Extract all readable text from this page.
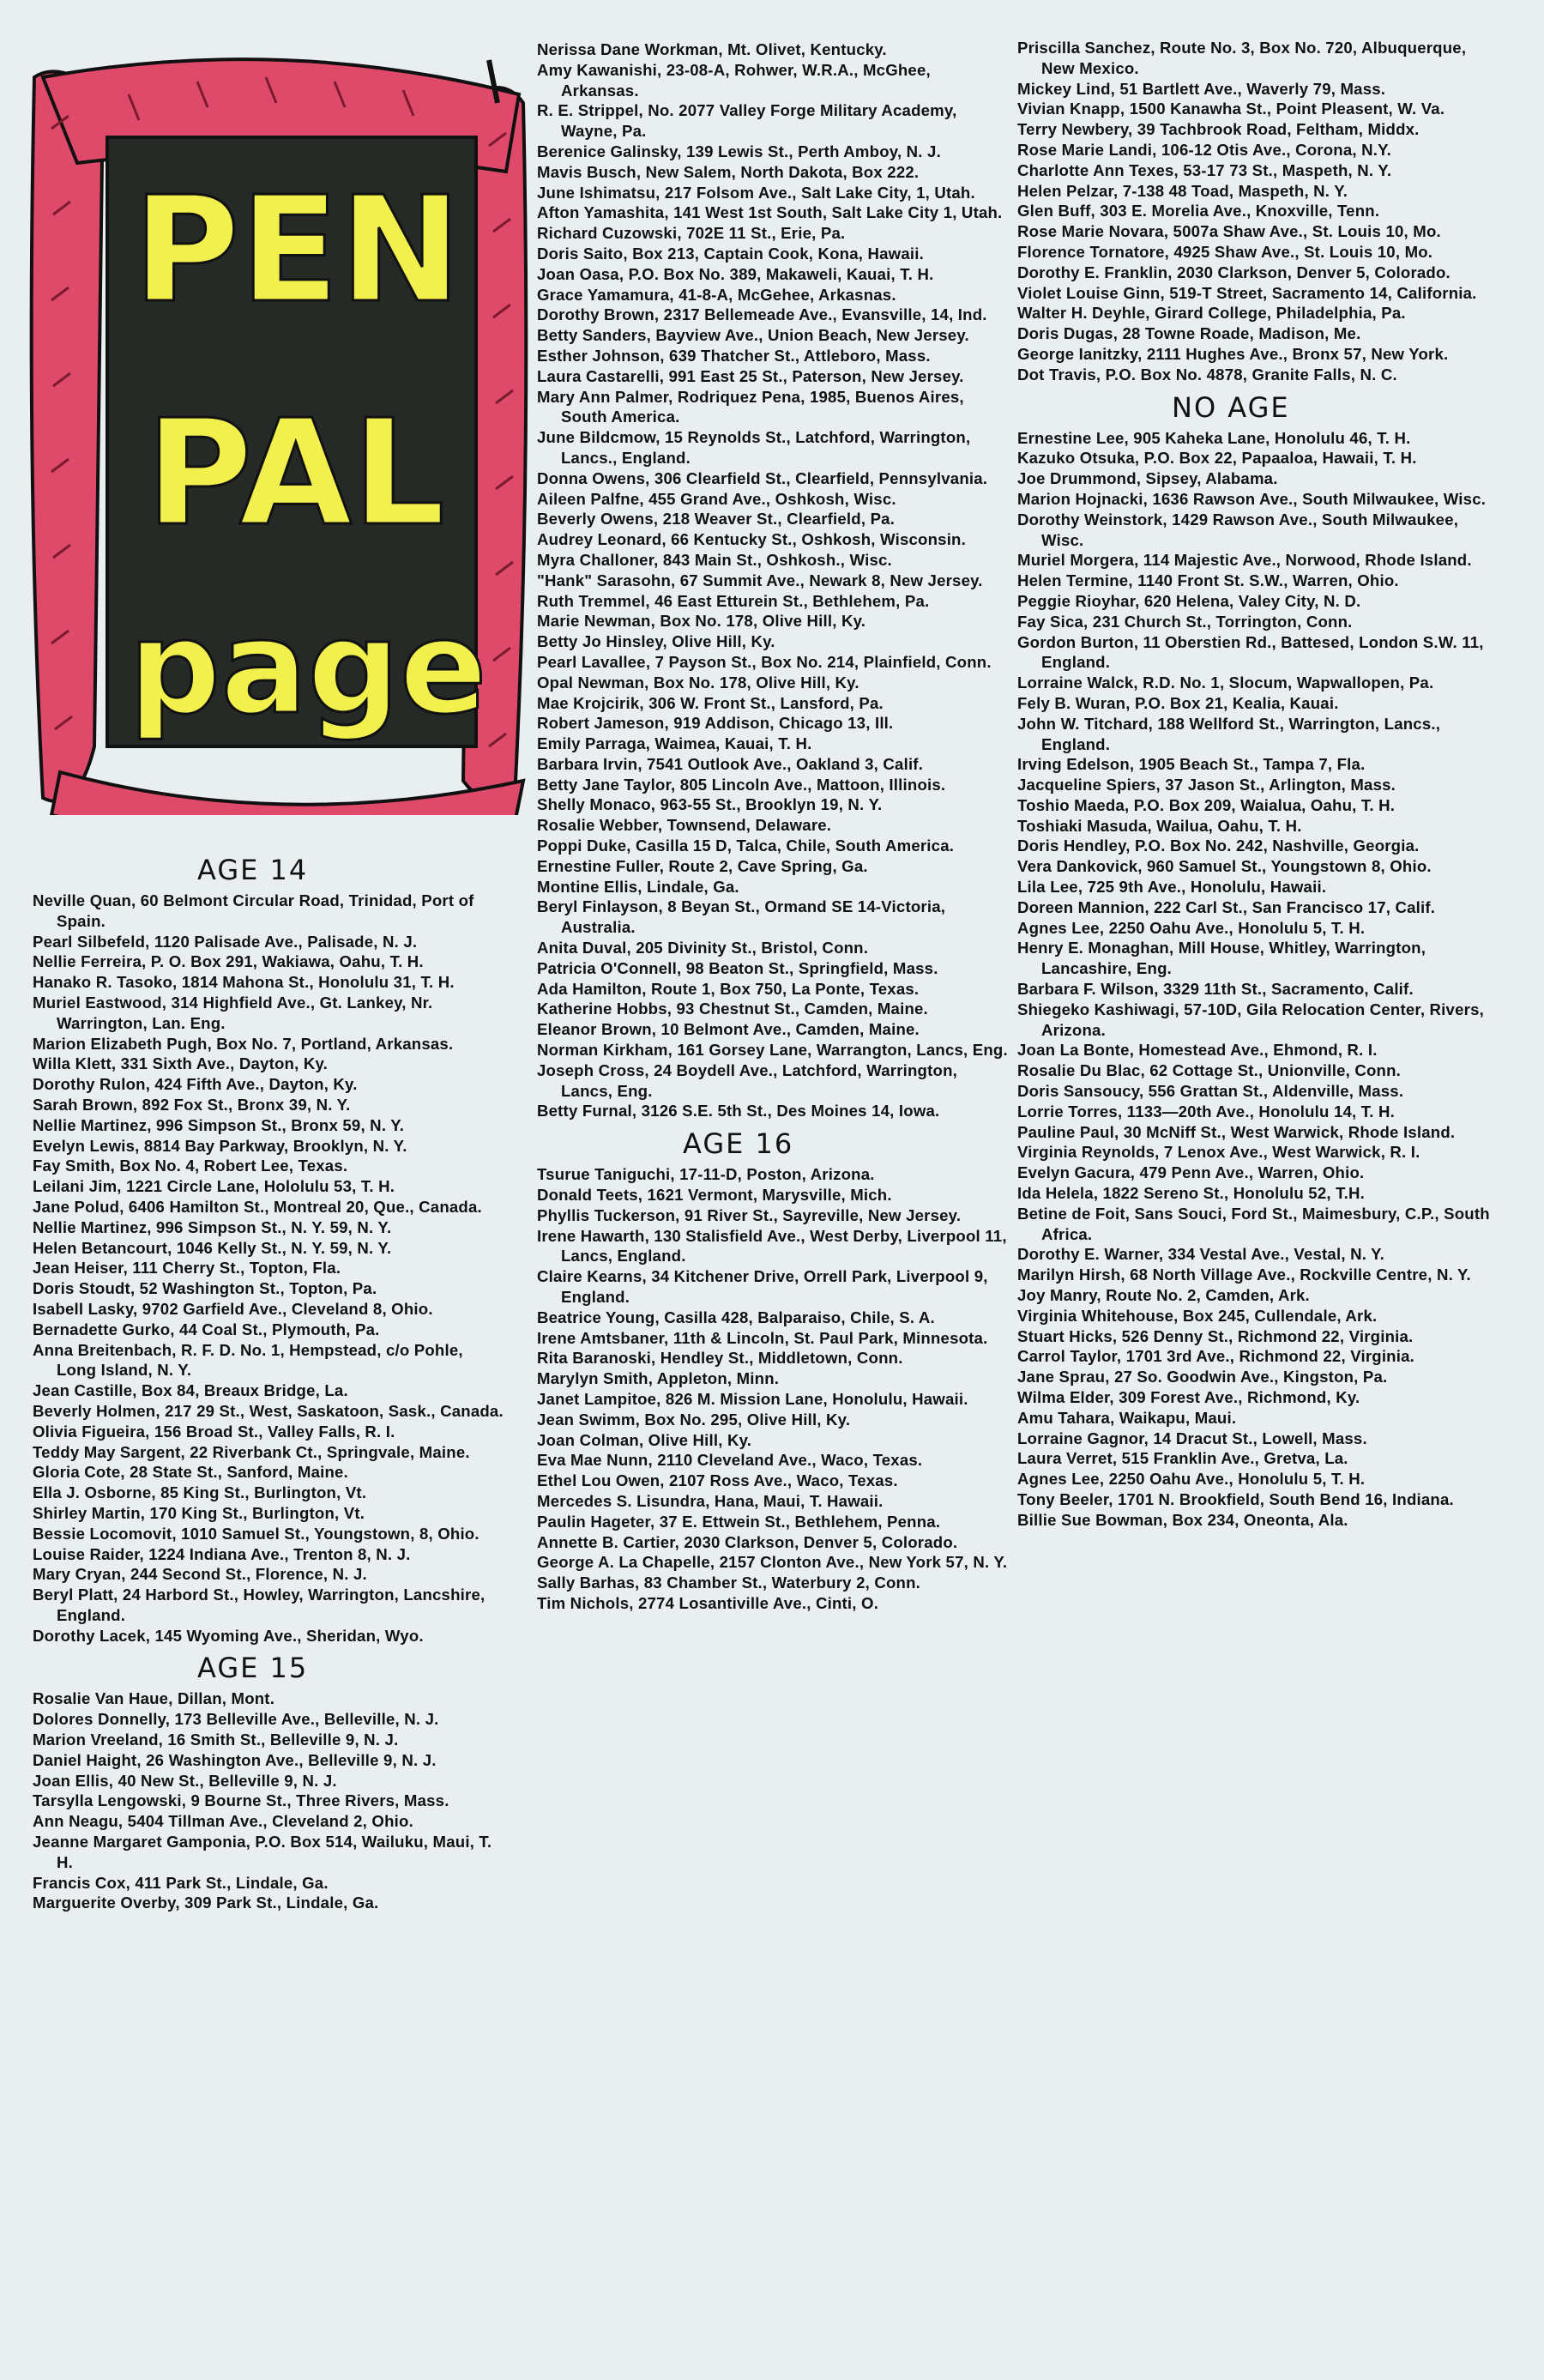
PEN
PAL
page
AGE 14
Neville Quan, 60 Belmont Circular Road, Trinidad, Port of Spain.
Pearl Silbefeld, 1120 Palisade Ave., Palisade, N. J.
Nellie Ferreira, P. O. Box 291, Wakiawa, Oahu, T. H.
Hanako R. Tasoko, 1814 Mahona St., Honolulu 31, T. H.
Muriel Eastwood, 314 Highfield Ave., Gt. Lankey, Nr. Warrington, Lan. Eng.
Marion Elizabeth Pugh, Box No. 7, Portland, Arkansas.
Willa Klett, 331 Sixth Ave., Dayton, Ky.
Dorothy Rulon, 424 Fifth Ave., Dayton, Ky.
Sarah Brown, 892 Fox St., Bronx 39, N. Y.
Nellie Martinez, 996 Simpson St., Bronx 59, N. Y.
Evelyn Lewis, 8814 Bay Parkway, Brooklyn, N. Y.
Fay Smith, Box No. 4, Robert Lee, Texas.
Leilani Jim, 1221 Circle Lane, Hololulu 53, T. H.
Jane Polud, 6406 Hamilton St., Montreal 20, Que., Canada.
Nellie Martinez, 996 Simpson St., N. Y. 59, N. Y.
Helen Betancourt, 1046 Kelly St., N. Y. 59, N. Y.
Jean Heiser, 111 Cherry St., Topton, Fla.
Doris Stoudt, 52 Washington St., Topton, Pa.
Isabell Lasky, 9702 Garfield Ave., Cleveland 8, Ohio.
Bernadette Gurko, 44 Coal St., Plymouth, Pa.
Anna Breitenbach, R. F. D. No. 1, Hempstead, c/o Pohle, Long Island, N. Y.
Jean Castille, Box 84, Breaux Bridge, La.
Beverly Holmen, 217 29 St., West, Saskatoon, Sask., Canada.
Olivia Figueira, 156 Broad St., Valley Falls, R. I.
Teddy May Sargent, 22 Riverbank Ct., Springvale, Maine.
Gloria Cote, 28 State St., Sanford, Maine.
Ella J. Osborne, 85 King St., Burlington, Vt.
Shirley Martin, 170 King St., Burlington, Vt.
Bessie Locomovit, 1010 Samuel St., Youngstown, 8, Ohio.
Louise Raider, 1224 Indiana Ave., Trenton 8, N. J.
Mary Cryan, 244 Second St., Florence, N. J.
Beryl Platt, 24 Harbord St., Howley, Warrington, Lancshire, England.
Dorothy Lacek, 145 Wyoming Ave., Sheridan, Wyo.
AGE 15
Rosalie Van Haue, Dillan, Mont.
Dolores Donnelly, 173 Belleville Ave., Belleville, N. J.
Marion Vreeland, 16 Smith St., Belleville 9, N. J.
Daniel Haight, 26 Washington Ave., Belleville 9, N. J.
Joan Ellis, 40 New St., Belleville 9, N. J.
Tarsylla Lengowski, 9 Bourne St., Three Rivers, Mass.
Ann Neagu, 5404 Tillman Ave., Cleveland 2, Ohio.
Jeanne Margaret Gamponia, P.O. Box 514, Wailuku, Maui, T. H.
Francis Cox, 411 Park St., Lindale, Ga.
Marguerite Overby, 309 Park St., Lindale, Ga.
Nerissa Dane Workman, Mt. Olivet, Kentucky.
Amy Kawanishi, 23-08-A, Rohwer, W.R.A., McGhee, Arkansas.
R. E. Strippel, No. 2077 Valley Forge Military Academy, Wayne, Pa.
Berenice Galinsky, 139 Lewis St., Perth Amboy, N. J.
Mavis Busch, New Salem, North Dakota, Box 222.
June Ishimatsu, 217 Folsom Ave., Salt Lake City, 1, Utah.
Afton Yamashita, 141 West 1st South, Salt Lake City 1, Utah.
Richard Cuzowski, 702E 11 St., Erie, Pa.
Doris Saito, Box 213, Captain Cook, Kona, Hawaii.
Joan Oasa, P.O. Box No. 389, Makaweli, Kauai, T. H.
Grace Yamamura, 41-8-A, McGehee, Arkasnas.
Dorothy Brown, 2317 Bellemeade Ave., Evansville, 14, Ind.
Betty Sanders, Bayview Ave., Union Beach, New Jersey.
Esther Johnson, 639 Thatcher St., Attleboro, Mass.
Laura Castarelli, 991 East 25 St., Paterson, New Jersey.
Mary Ann Palmer, Rodriquez Pena, 1985, Buenos Aires, South America.
June Bildcmow, 15 Reynolds St., Latchford, Warrington, Lancs., England.
Donna Owens, 306 Clearfield St., Clearfield, Pennsylvania.
Aileen Palfne, 455 Grand Ave., Oshkosh, Wisc.
Beverly Owens, 218 Weaver St., Clearfield, Pa.
Audrey Leonard, 66 Kentucky St., Oshkosh, Wisconsin.
Myra Challoner, 843 Main St., Oshkosh., Wisc.
"Hank" Sarasohn, 67 Summit Ave., Newark 8, New Jersey.
Ruth Tremmel, 46 East Etturein St., Bethlehem, Pa.
Marie Newman, Box No. 178, Olive Hill, Ky.
Betty Jo Hinsley, Olive Hill, Ky.
Pearl Lavallee, 7 Payson St., Box No. 214, Plainfield, Conn.
Opal Newman, Box No. 178, Olive Hill, Ky.
Mae Krojcirik, 306 W. Front St., Lansford, Pa.
Robert Jameson, 919 Addison, Chicago 13, Ill.
Emily Parraga, Waimea, Kauai, T. H.
Barbara Irvin, 7541 Outlook Ave., Oakland 3, Calif.
Betty Jane Taylor, 805 Lincoln Ave., Mattoon, Illinois.
Shelly Monaco, 963-55 St., Brooklyn 19, N. Y.
Rosalie Webber, Townsend, Delaware.
Poppi Duke, Casilla 15 D, Talca, Chile, South America.
Ernestine Fuller, Route 2, Cave Spring, Ga.
Montine Ellis, Lindale, Ga.
Beryl Finlayson, 8 Beyan St., Ormand SE 14-Victoria, Australia.
Anita Duval, 205 Divinity St., Bristol, Conn.
Patricia O'Connell, 98 Beaton St., Springfield, Mass.
Ada Hamilton, Route 1, Box 750, La Ponte, Texas.
Katherine Hobbs, 93 Chestnut St., Camden, Maine.
Eleanor Brown, 10 Belmont Ave., Camden, Maine.
Norman Kirkham, 161 Gorsey Lane, Warrangton, Lancs, Eng.
Joseph Cross, 24 Boydell Ave., Latchford, Warrington, Lancs, Eng.
Betty Furnal, 3126 S.E. 5th St., Des Moines 14, Iowa.
AGE 16
Tsurue Taniguchi, 17-11-D, Poston, Arizona.
Donald Teets, 1621 Vermont, Marysville, Mich.
Phyllis Tuckerson, 91 River St., Sayreville, New Jersey.
Irene Hawarth, 130 Stalisfield Ave., West Derby, Liverpool 11, Lancs, England.
Claire Kearns, 34 Kitchener Drive, Orrell Park, Liverpool 9, England.
Beatrice Young, Casilla 428, Balparaiso, Chile, S. A.
Irene Amtsbaner, 11th & Lincoln, St. Paul Park, Minnesota.
Rita Baranoski, Hendley St., Middletown, Conn.
Marylyn Smith, Appleton, Minn.
Janet Lampitoe, 826 M. Mission Lane, Honolulu, Hawaii.
Jean Swimm, Box No. 295, Olive Hill, Ky.
Joan Colman, Olive Hill, Ky.
Eva Mae Nunn, 2110 Cleveland Ave., Waco, Texas.
Ethel Lou Owen, 2107 Ross Ave., Waco, Texas.
Mercedes S. Lisundra, Hana, Maui, T. Hawaii.
Paulin Hageter, 37 E. Ettwein St., Bethlehem, Penna.
Annette B. Cartier, 2030 Clarkson, Denver 5, Colorado.
George A. La Chapelle, 2157 Clonton Ave., New York 57, N. Y.
Sally Barhas, 83 Chamber St., Waterbury 2, Conn.
Tim Nichols, 2774 Losantiville Ave., Cinti, O.
Priscilla Sanchez, Route No. 3, Box No. 720, Albuquerque, New Mexico.
Mickey Lind, 51 Bartlett Ave., Waverly 79, Mass.
Vivian Knapp, 1500 Kanawha St., Point Pleasent, W. Va.
Terry Newbery, 39 Tachbrook Road, Feltham, Middx.
Rose Marie Landi, 106-12 Otis Ave., Corona, N.Y.
Charlotte Ann Texes, 53-17 73 St., Maspeth, N. Y.
Helen Pelzar, 7-138 48 Toad, Maspeth, N. Y.
Glen Buff, 303 E. Morelia Ave., Knoxville, Tenn.
Rose Marie Novara, 5007a Shaw Ave., St. Louis 10, Mo.
Florence Tornatore, 4925 Shaw Ave., St. Louis 10, Mo.
Dorothy E. Franklin, 2030 Clarkson, Denver 5, Colorado.
Violet Louise Ginn, 519-T Street, Sacramento 14, California.
Walter H. Deyhle, Girard College, Philadelphia, Pa.
Doris Dugas, 28 Towne Roade, Madison, Me.
George Ianitzky, 2111 Hughes Ave., Bronx 57, New York.
Dot Travis, P.O. Box No. 4878, Granite Falls, N. C.
NO AGE
Ernestine Lee, 905 Kaheka Lane, Honolulu 46, T. H.
Kazuko Otsuka, P.O. Box 22, Papaaloa, Hawaii, T. H.
Joe Drummond, Sipsey, Alabama.
Marion Hojnacki, 1636 Rawson Ave., South Milwaukee, Wisc.
Dorothy Weinstork, 1429 Rawson Ave., South Milwaukee, Wisc.
Muriel Morgera, 114 Majestic Ave., Norwood, Rhode Island.
Helen Termine, 1140 Front St. S.W., Warren, Ohio.
Peggie Rioyhar, 620 Helena, Valey City, N. D.
Fay Sica, 231 Church St., Torrington, Conn.
Gordon Burton, 11 Oberstien Rd., Battesed, London S.W. 11, England.
Lorraine Walck, R.D. No. 1, Slocum, Wapwallopen, Pa.
Fely B. Wuran, P.O. Box 21, Kealia, Kauai.
John W. Titchard, 188 Wellford St., Warrington, Lancs., England.
Irving Edelson, 1905 Beach St., Tampa 7, Fla.
Jacqueline Spiers, 37 Jason St., Arlington, Mass.
Toshio Maeda, P.O. Box 209, Waialua, Oahu, T. H.
Toshiaki Masuda, Wailua, Oahu, T. H.
Doris Hendley, P.O. Box No. 242, Nashville, Georgia.
Vera Dankovick, 960 Samuel St., Youngstown 8, Ohio.
Lila Lee, 725 9th Ave., Honolulu, Hawaii.
Doreen Mannion, 222 Carl St., San Francisco 17, Calif.
Agnes Lee, 2250 Oahu Ave., Honolulu 5, T. H.
Henry E. Monaghan, Mill House, Whitley, Warrington, Lancashire, Eng.
Barbara F. Wilson, 3329 11th St., Sacramento, Calif.
Shiegeko Kashiwagi, 57-10D, Gila Relocation Center, Rivers, Arizona.
Joan La Bonte, Homestead Ave., Ehmond, R. I.
Rosalie Du Blac, 62 Cottage St., Unionville, Conn.
Doris Sansoucy, 556 Grattan St., Aldenville, Mass.
Lorrie Torres, 1133—20th Ave., Honolulu 14, T. H.
Pauline Paul, 30 McNiff St., West Warwick, Rhode Island.
Virginia Reynolds, 7 Lenox Ave., West Warwick, R. I.
Evelyn Gacura, 479 Penn Ave., Warren, Ohio.
Ida Helela, 1822 Sereno St., Honolulu 52, T.H.
Betine de Foit, Sans Souci, Ford St., Maimesbury, C.P., South Africa.
Dorothy E. Warner, 334 Vestal Ave., Vestal, N. Y.
Marilyn Hirsh, 68 North Village Ave., Rockville Centre, N. Y.
Joy Manry, Route No. 2, Camden, Ark.
Virginia Whitehouse, Box 245, Cullendale, Ark.
Stuart Hicks, 526 Denny St., Richmond 22, Virginia.
Carrol Taylor, 1701 3rd Ave., Richmond 22, Virginia.
Jane Sprau, 27 So. Goodwin Ave., Kingston, Pa.
Wilma Elder, 309 Forest Ave., Richmond, Ky.
Amu Tahara, Waikapu, Maui.
Lorraine Gagnor, 14 Dracut St., Lowell, Mass.
Laura Verret, 515 Franklin Ave., Gretva, La.
Agnes Lee, 2250 Oahu Ave., Honolulu 5, T. H.
Tony Beeler, 1701 N. Brookfield, South Bend 16, Indiana.
Billie Sue Bowman, Box 234, Oneonta, Ala.
